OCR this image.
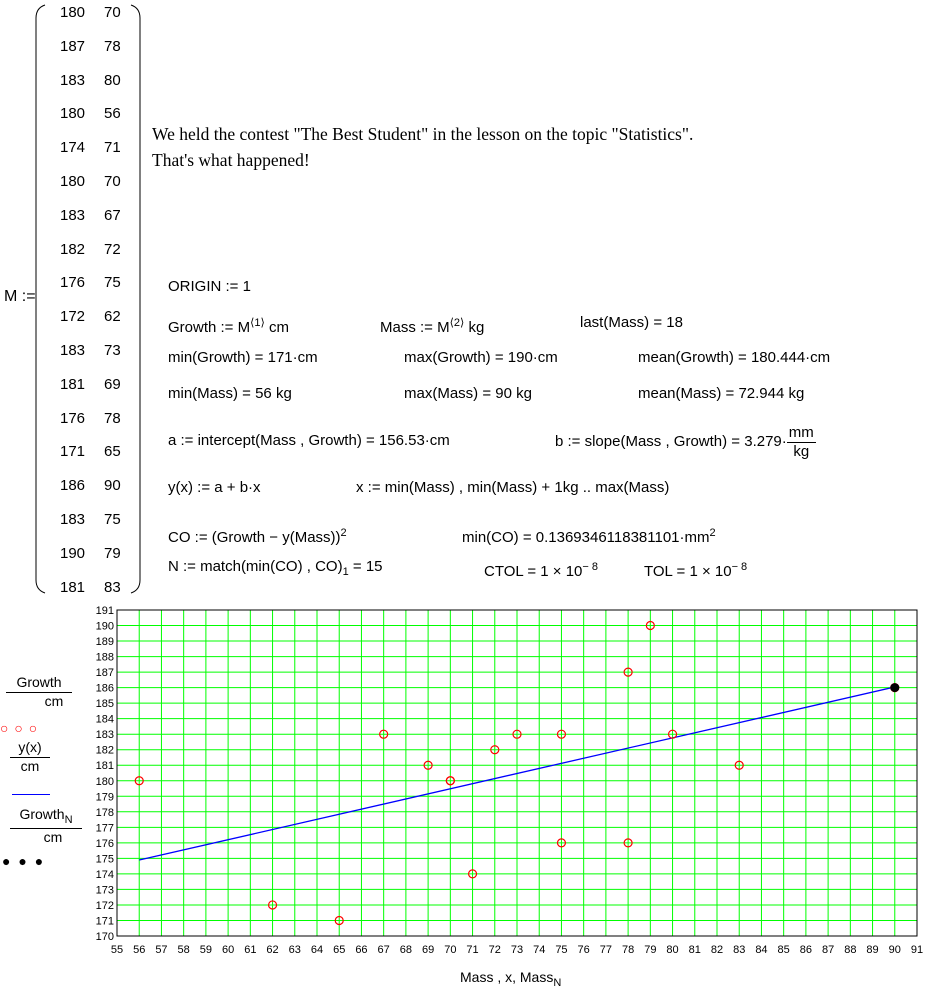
M :=
180 70
187 78
183 80
180 56
174 71
180 70
183 67
182 72
176 75
172 62
183 73
181 69
176 78
171 65
186 90
183 75
190 79
181 83
We held the contest "The Best Student" in the lesson on the topic "Statistics".
That's what happened!
ORIGIN := 1
Growth := $M^{⟨1⟩}$ cm	Mass := $M^{⟨2⟩}$ kg	last(Mass) = 18
min(Growth) = 171·cm	max(Growth) = 190·cm	mean(Growth) = 180.444·cm
min(Mass) = 56 kg	max(Mass) = 90 kg	mean(Mass) = 72.944 kg
a := intercept(Mass , Growth) = 156.53·cm	b := slope(Mass , Growth) = $3.279\cdot \frac{mm}{kg}$
y(x) := a + b·x	x := min(Mass) , min(Mass) + 1kg .. max(Mass)
CO := (Growth − y(Mass))$^2$	$\min(CO) = 0.1369346118381101\cdot mm^2$
N := match(min(CO) , $CO)_1 = 15$	CTOL = $1 \times 10^{- 8}$	TOL = $1 \times 10^{- 8}$
Growth
cm
○ ○ ○
$\frac{y(x)}{cm}$
Growth$_N$
cm
● ● ●
170
171
172
173
174
175
176
177
178
179
180
181
182
183
184
185
186
187
188
189
190
191
55 56 57 58 59 60 61 62 63 64 65 66 67 68 69 70 71 72 73 74 75 76 77 78 79 80 81 82 83 84 85 86 87 88 89 90 91
Mass , x, Mass$_N$
